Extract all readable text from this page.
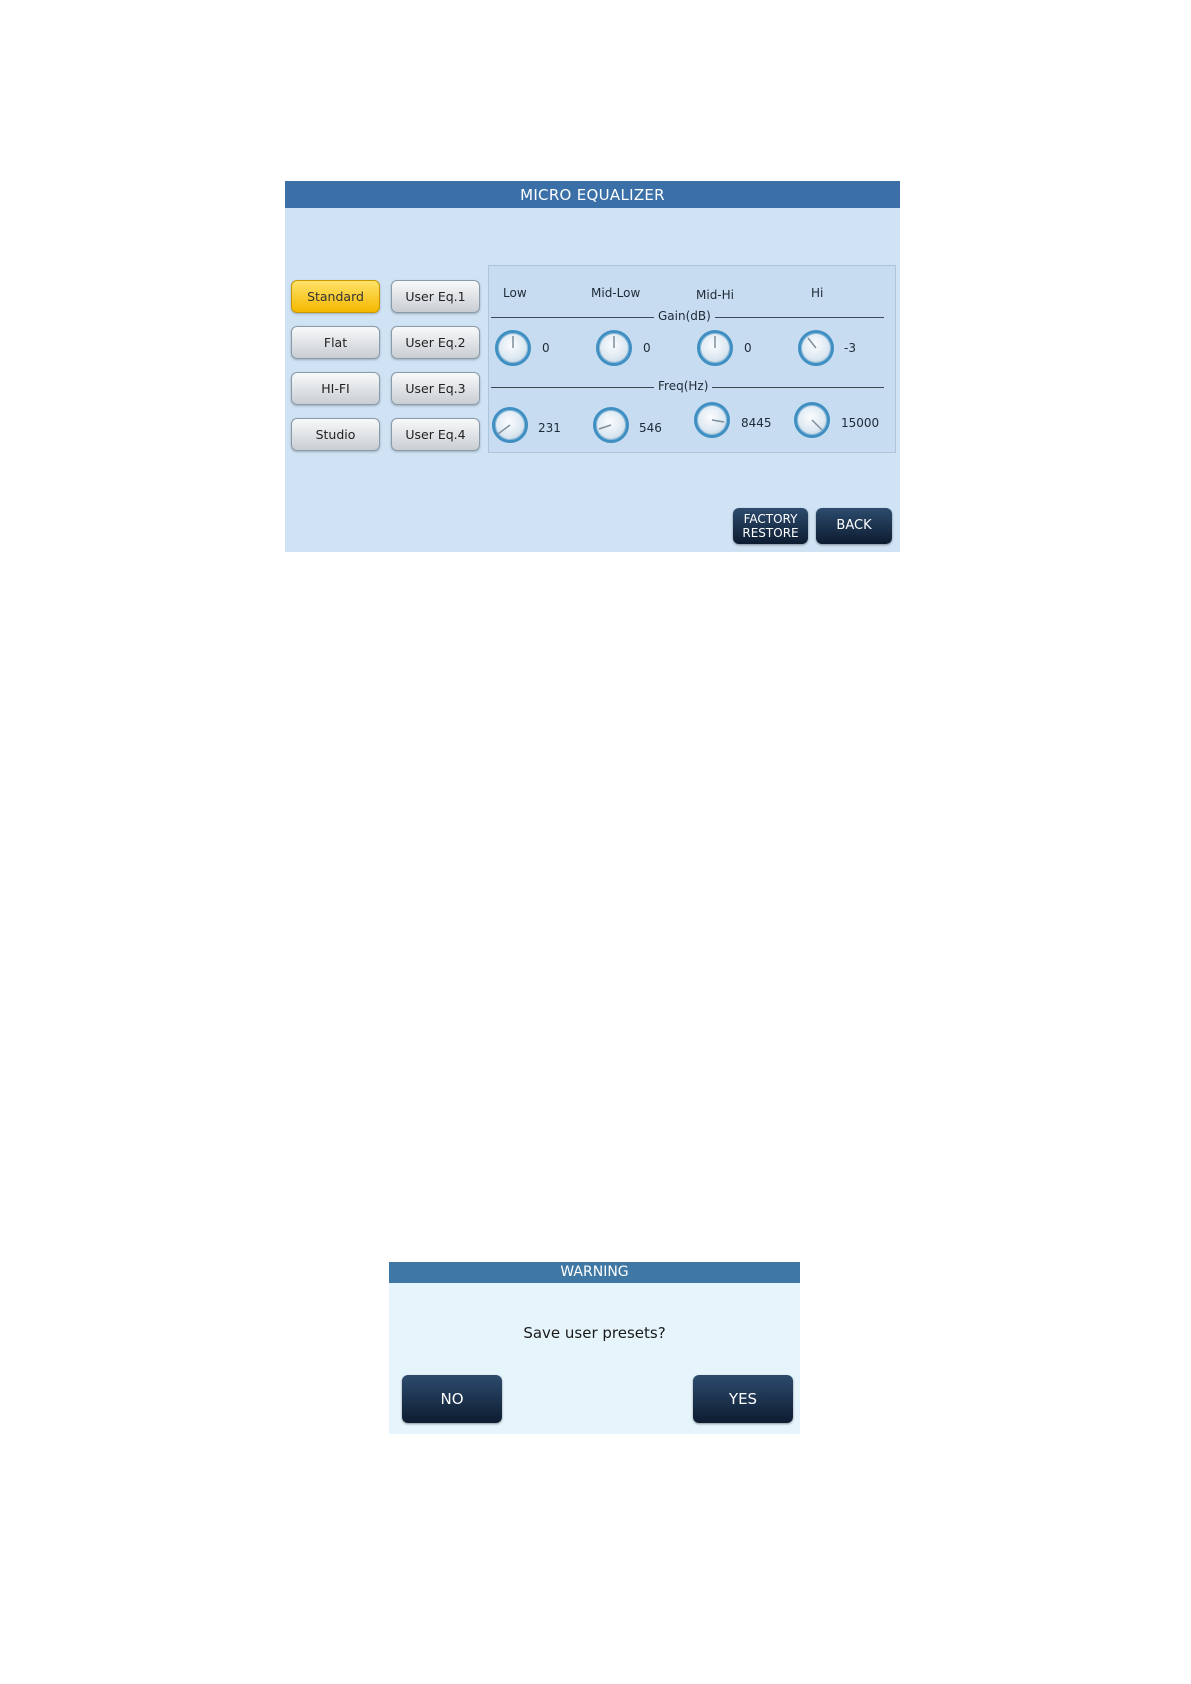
MICRO EQUALIZER
Standard	User Eq.1
Flat	User Eq.2
HI-FI	User Eq.3
Studio	User Eq.4
Low	Mid-Low	Mid-Hi	Hi
Gain(dB)
0	0	0	-3
Freq(Hz)
231	546	8445	15000
FACTORY
RESTORE	BACK
WARNING
Save user presets?
NO	YES
